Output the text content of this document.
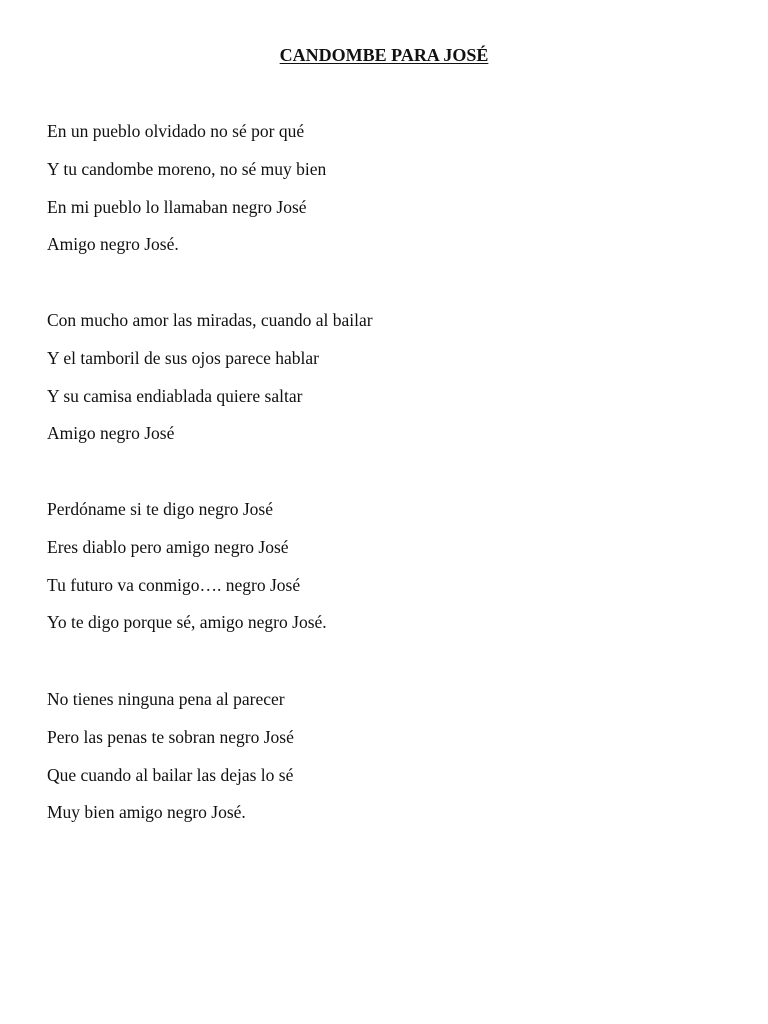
CANDOMBE PARA JOSÉ
En un pueblo olvidado no sé por qué
Y tu candombe moreno, no sé muy bien
En mi pueblo lo llamaban negro José
Amigo negro José.
Con mucho amor las miradas, cuando al bailar
Y el tamboril de sus ojos parece hablar
Y su camisa endiablada quiere saltar
Amigo negro José
Perdóname si te digo negro José
Eres diablo pero amigo negro José
Tu futuro va conmigo…. negro José
Yo te digo porque sé, amigo negro José.
No tienes ninguna pena al parecer
Pero las penas te sobran negro José
Que cuando al bailar las dejas lo sé
Muy bien amigo negro José.
